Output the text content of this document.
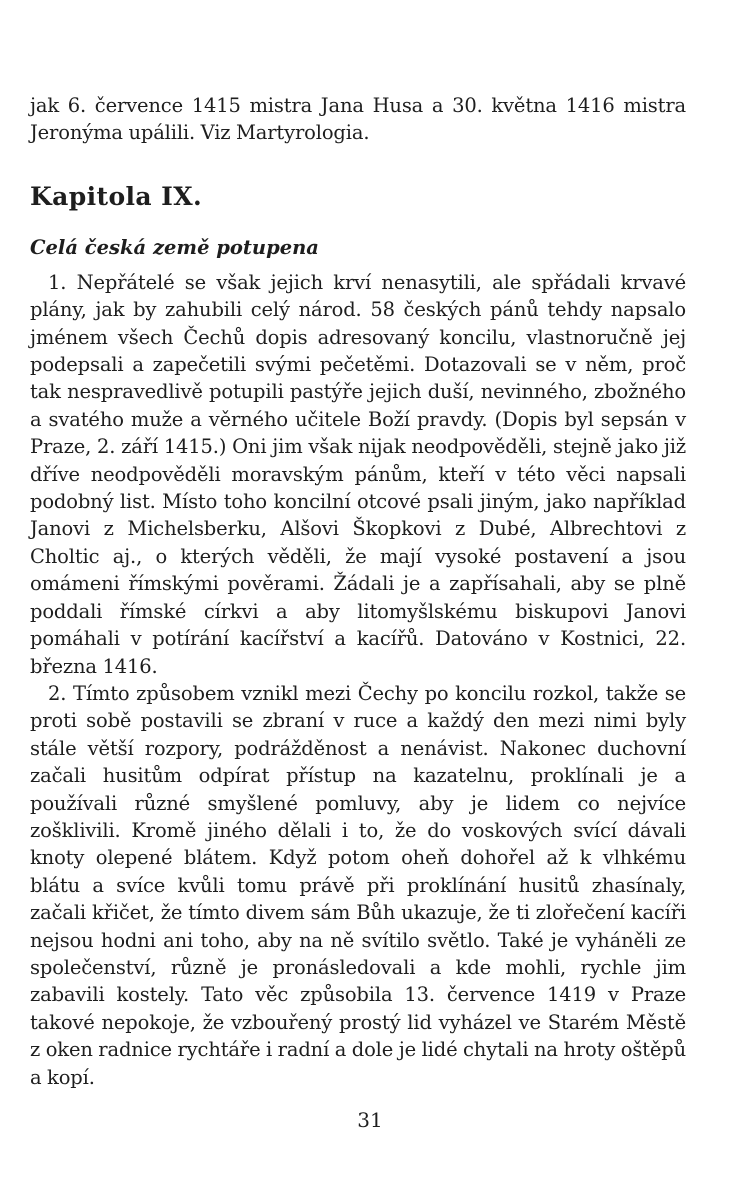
jak 6. července 1415 mistra Jana Husa a 30. května 1416 mistra Jeronýma upálili. Viz Martyrologia.

Kapitola IX.
Celá česká země potupena

1. Nepřátelé se však jejich krví nenasytili, ale spřádali krvavé plány, jak by zahubili celý národ. 58 českých pánů tehdy napsalo jménem všech Čechů dopis adresovaný koncilu, vlastnoručně jej podepsali a zapečetili svými pečetěmi. Dotazovali se v něm, proč tak nespravedlivě potupili pastýře jejich duší, nevinného, zbožného a svatého muže a věrného učitele Boží pravdy. (Dopis byl sepsán v Praze, 2. září 1415.) Oni jim však nijak neodpověděli, stejně jako již dříve neodpověděli moravským pánům, kteří v této věci napsali podobný list. Místo toho koncilní otcové psali jiným, jako například Janovi z Michelsberku, Alšovi Škopkovi z Dubé, Albrechtovi z Choltic aj., o kterých věděli, že mají vysoké postavení a jsou omámeni římskými pověrami. Žádali je a zapřísahali, aby se plně poddali římské církvi a aby litomyšlskému biskupovi Janovi pomáhali v potírání kacířství a kacířů. Datováno v Kostnici, 22. března 1416.

2. Tímto způsobem vznikl mezi Čechy po koncilu rozkol, takže se proti sobě postavili se zbraní v ruce a každý den mezi nimi byly stále větší rozpory, podrážděnost a nenávist. Nakonec duchovní začali husitům odpírat přístup na kazatelnu, proklínali je a používali různé smyšlené pomluvy, aby je lidem co nejvíce zošklivili. Kromě jiného dělali i to, že do voskových svící dávali knoty olepené blátem. Když potom oheň dohořel až k vlhkému blátu a svíce kvůli tomu právě při proklínání husitů zhasínaly, začali křičet, že tímto divem sám Bůh ukazuje, že ti zlořečení kacíři nejsou hodni ani toho, aby na ně svítilo světlo. Také je vyháněli ze společenství, různě je pronásledovali a kde mohli, rychle jim zabavili kostely. Tato věc způsobila 13. července 1419 v Praze takové nepokoje, že vzbouřený prostý lid vyházel ve Starém Městě z oken radnice rychtáře i radní a dole je lidé chytali na hroty oštěpů a kopí.

31
